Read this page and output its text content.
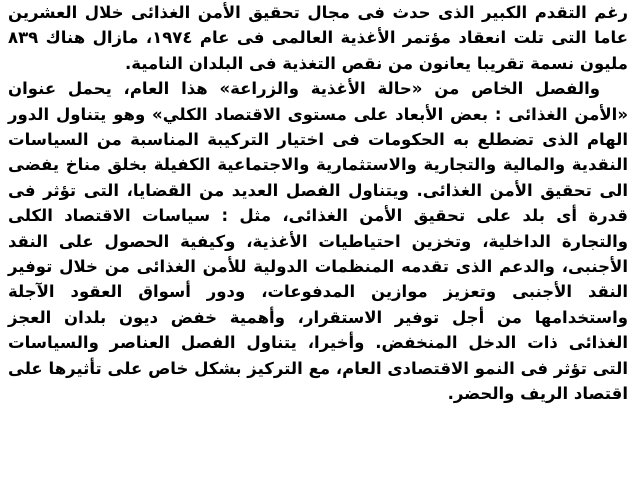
رغم التقدم الكبير الذى حدث فى مجال تحقيق الأمن الغذائى خلال العشرين عاما التى تلت انعقاد مؤتمر الأغذية العالمى فى عام ١٩٧٤، مازال هناك ٨٣٩ مليون نسمة تقريبا يعانون من نقص التغذية فى البلدان النامية.

والفصل الخاص من «حالة الأغذية والزراعة» هذا العام، يحمل عنوان «الأمن الغذائى : بعض الأبعاد على مستوى الاقتصاد الكلي» وهو يتناول الدور الهام الذى تضطلع به الحكومات فى اختيار التركيبة المناسبة من السياسات النقدية والمالية والتجارية والاستثمارية والاجتماعية الكفيلة بخلق مناخ يفضى الى تحقيق الأمن الغذائى. ويتناول الفصل العديد من القضايا، التى تؤثر فى قدرة أى بلد على تحقيق الأمن الغذائى، مثل : سياسات الاقتصاد الكلى والتجارة الداخلية، وتخزين احتياطيات الأغذية، وكيفية الحصول على النقد الأجنبى، والدعم الذى تقدمه المنظمات الدولية للأمن الغذائى من خلال توفير النقد الأجنبى وتعزيز موازين المدفوعات، ودور أسواق العقود الآجلة واستخدامها من أجل توفير الاستقرار، وأهمية خفض ديون بلدان العجز الغذائى ذات الدخل المنخفض. وأخيرا، يتناول الفصل العناصر والسياسات التى تؤثر فى النمو الاقتصادى العام، مع التركيز بشكل خاص على تأثيرها على اقتصاد الريف والحضر.
